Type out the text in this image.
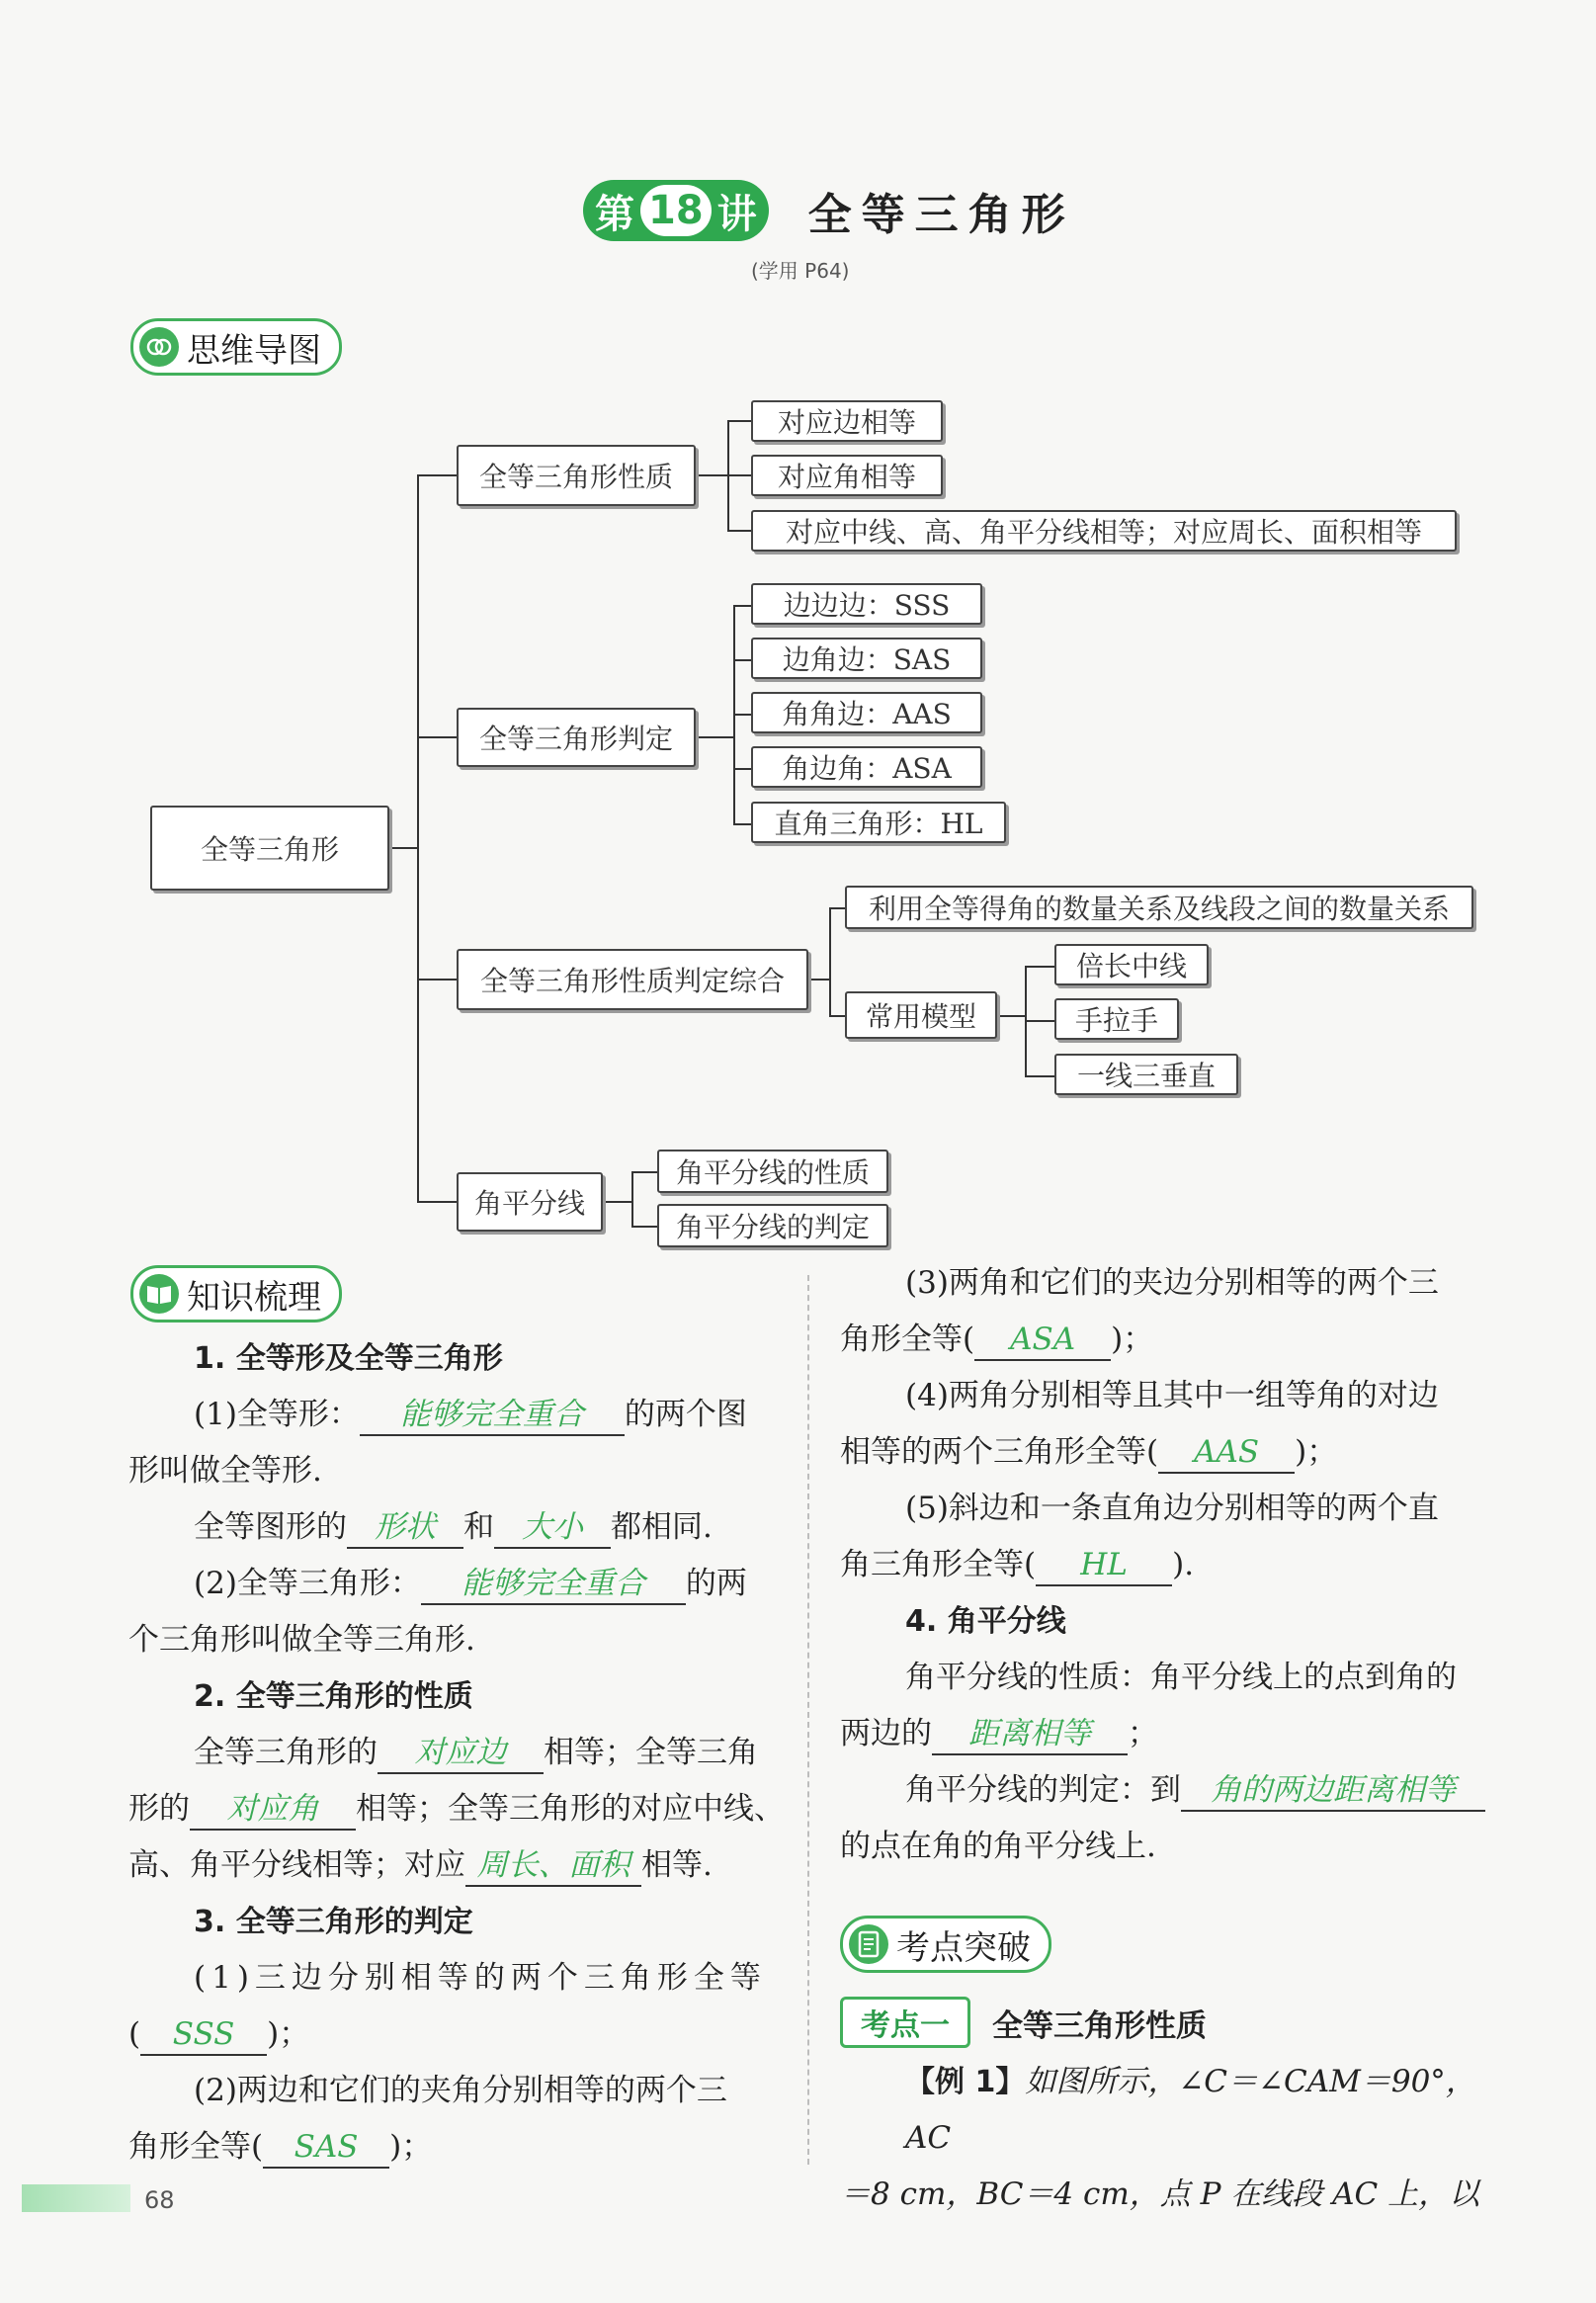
第 18 讲 全等三角形
(学用 P64)
思维导图
全等三角形
全等三角形性质
对应边相等
对应角相等
对应中线、高、角平分线相等；对应周长、面积相等
全等三角形判定
边边边：SSS
边角边：SAS
角角边：AAS
角边角：ASA
直角三角形：HL
全等三角形性质判定综合
利用全等得角的数量关系及线段之间的数量关系
常用模型
倍长中线
手拉手
一线三垂直
角平分线
角平分线的性质
角平分线的判定
知识梳理

1. 全等形及全等三角形

(1)全等形： 能够完全重合 的两个图

形叫做全等形.

全等图形的 形状 和 大小 都相同.

(2)全等三角形： 能够完全重合 的两

个三角形叫做全等三角形.

2. 全等三角形的性质

全等三角形的 对应边 相等；全等三角

形的 对应角 相等；全等三角形的对应中线、

高、角平分线相等；对应 周长、面积 相等.

3. 全等三角形的判定

(1)三边分别相等的两个三角形全等

( SSS )；

(2)两边和它们的夹角分别相等的两个三

角形全等( SAS )；

(3)两角和它们的夹边分别相等的两个三

角形全等( ASA )；

(4)两角分别相等且其中一组等角的对边

相等的两个三角形全等( AAS )；

(5)斜边和一条直角边分别相等的两个直

角三角形全等( HL ).

4. 角平分线

角平分线的性质：角平分线上的点到角的

两边的 距离相等 ；

角平分线的判定：到 角的两边距离相等

的点在角的角平分线上.

考点突破
考点一	全等三角形性质

【例 1】如图所示，∠C＝∠CAM＝90°，AC

＝8 cm，BC＝4 cm，点 P 在线段 AC 上，以

68
